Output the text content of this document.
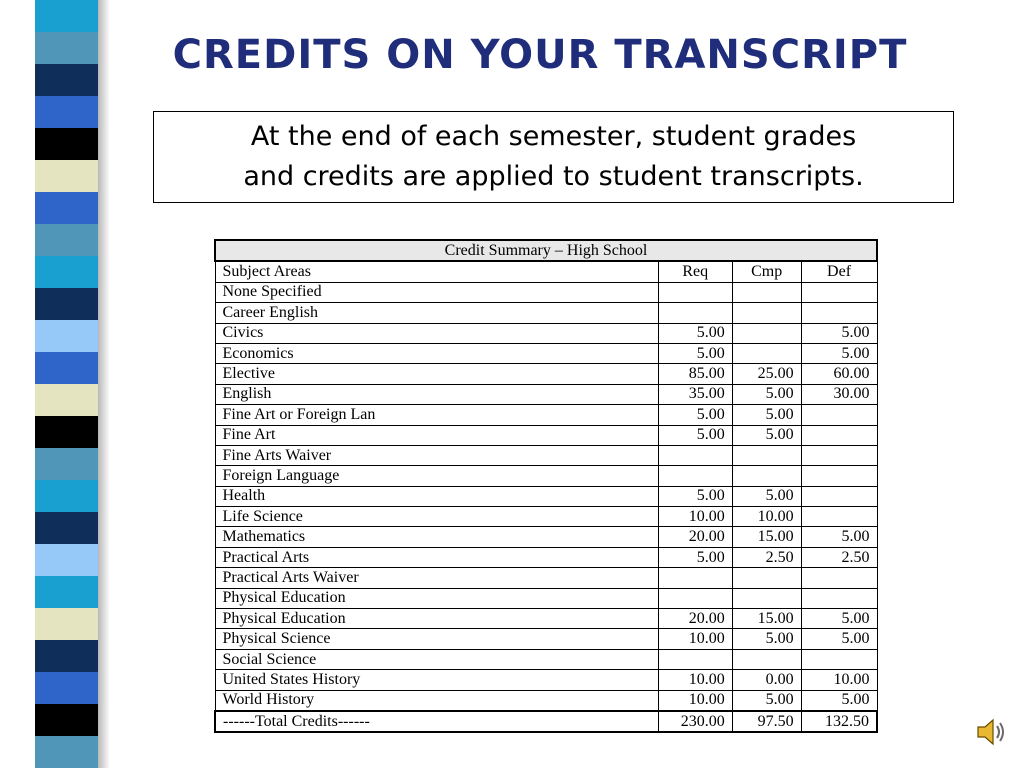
CREDITS ON YOUR TRANSCRIPT
At the end of each semester, student grades
and credits are applied to student transcripts.
Credit Summary – High School			
Subject Areas	Req	Cmp	Def
None Specified			
Career English			
Civics	5.00		5.00
Economics	5.00		5.00
Elective	85.00	25.00	60.00
English	35.00	5.00	30.00
Fine Art or Foreign Lan	5.00	5.00	
Fine Art	5.00	5.00	
Fine Arts Waiver			
Foreign Language			
Health	5.00	5.00	
Life Science	10.00	10.00	
Mathematics	20.00	15.00	5.00
Practical Arts	5.00	2.50	2.50
Practical Arts Waiver			
Physical Education			
Physical Education	20.00	15.00	5.00
Physical Science	10.00	5.00	5.00
Social Science			
United States History	10.00	0.00	10.00
World History	10.00	5.00	5.00
------Total Credits------	230.00	97.50	132.50
